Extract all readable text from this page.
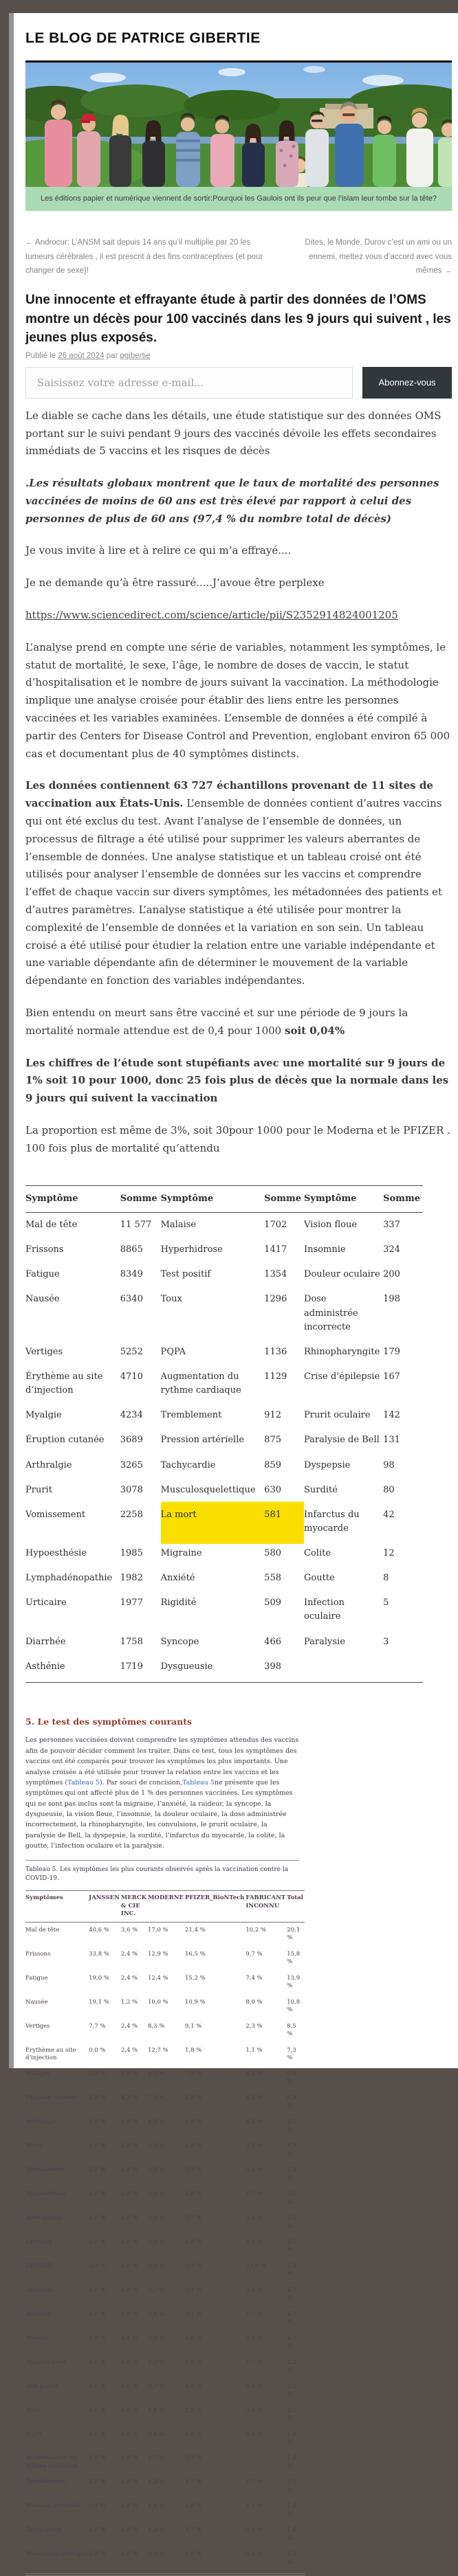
LE BLOG DE PATRICE GIBERTIE
Les éditions papier et numérique viennent de sortir:Pourquoi les Gaulois ont ils peur que l’islam leur tombe sur la tête?
← Androcur: L’ANSM sait depuis 14 ans qu’il multiplie par 20 les tumeurs cérébrales , il est prescrit à des fins contraceptives (et pour changer de sexe)!
Dites, le Monde, Durov c’est un ami ou un ennemi, mettez vous d’accord avec vous mêmes →
Une innocente et effrayante étude à partir des données de l’OMS montre un décès pour 100 vaccinés dans les 9 jours qui suivent , les jeunes plus exposés.
Publié le 26 août 2024 par pgibertie
Saisissez votre adresse e-mail...
Abonnez-vous

Le diable se cache dans les détails, une étude statistique sur des données OMS portant sur le suivi pendant 9 jours des vaccinés dévoile les effets secondaires immédiats de 5 vaccins et les risques de décès

.Les résultats globaux montrent que le taux de mortalité des personnes vaccinées de moins de 60 ans est très élevé par rapport à celui des personnes de plus de 60 ans (97,4 % du nombre total de décès)

Je vous invite à lire et à relire ce qui m’a effrayé....

Je ne demande qu’à être rassuré.....J’avoue être perplexe

https://www.sciencedirect.com/science/article/pii/S2352914824001205

L’analyse prend en compte une série de variables, notamment les symptômes, le statut de mortalité, le sexe, l’âge, le nombre de doses de vaccin, le statut d’hospitalisation et le nombre de jours suivant la vaccination. La méthodologie implique une analyse croisée pour établir des liens entre les personnes vaccinées et les variables examinées. L’ensemble de données a été compilé à partir des Centers for Disease Control and Prevention, englobant environ 65 000 cas et documentant plus de 40 symptômes distincts.

Les données contiennent 63 727 échantillons provenant de 11 sites de vaccination aux États-Unis. L’ensemble de données contient d’autres vaccins qui ont été exclus du test. Avant l’analyse de l’ensemble de données, un processus de filtrage a été utilisé pour supprimer les valeurs aberrantes de l’ensemble de données. Une analyse statistique et un tableau croisé ont été utilisés pour analyser l’ensemble de données sur les vaccins et comprendre l’effet de chaque vaccin sur divers symptômes, les métadonnées des patients et d’autres paramètres. L’analyse statistique a été utilisée pour montrer la complexité de l’ensemble de données et la variation en son sein. Un tableau croisé a été utilisé pour étudier la relation entre une variable indépendante et une variable dépendante afin de déterminer le mouvement de la variable dépendante en fonction des variables indépendantes.

Bien entendu on meurt sans être vacciné et sur une période de 9 jours la mortalité normale attendue est de 0,4 pour 1000 soit 0,04%

Les chiffres de l’étude sont stupéfiants avec une mortalité sur 9 jours de 1% soit 10 pour 1000, donc 25 fois plus de décès que la normale dans les 9 jours qui suivent la vaccination

La proportion est même de 3%, soit 30pour 1000 pour le Moderna et le PFIZER . 100 fois plus de mortalité qu’attendu

Symptôme	Somme	Symptôme	Somme	Symptôme	Somme
Mal de tête	11 577	Malaise	1702	Vision floue	337
Frissons	8865	Hyperhidrose	1417	Insomnie	324
Fatigue	8349	Test positif	1354	Douleur oculaire	200
Nausée	6340	Toux	1296	Dose administrée incorrecte	198
Vertiges	5252	PQPA	1136	Rhinopharyngite	179
Érythème au site d’injection	4710	Augmentation du rythme cardiaque	1129	Crise d’épilepsie	167
Myalgie	4234	Tremblement	912	Prurit oculaire	142
Éruption cutanée	3689	Pression artérielle	875	Paralysie de Bell	131
Arthralgie	3265	Tachycardie	859	Dyspepsie	98
Prurit	3078	Musculosquelettique	630	Surdité	80
Vomissement	2258	La mort	581	Infarctus du myocarde	42
Hypoesthésie	1985	Migraine	580	Colite	12
Lymphadénopathie	1982	Anxiété	558	Goutte	8
Urticaire	1977	Rigidité	509	Infection oculaire	5
Diarrhée	1758	Syncope	466	Paralysie	3
Asthénie	1719	Dysgueusie	398		
5. Le test des symptômes courants

Les personnes vaccinées doivent comprendre les symptômes attendus des vaccins afin de pouvoir décider comment les traiter. Dans ce test, tous les symptômes des vaccins ont été comparés pour trouver les symptômes les plus importants. Une analyse croisée a été utilisée pour trouver la relation entre les vaccins et les symptômes (Tableau 5). Par souci de concision,Tableau 5ne présente que les symptômes qui ont affecté plus de 1 % des personnes vaccinées. Les symptômes qui ne sont pas inclus sont la migraine, l’anxiété, la raideur, la syncope, la dysgueusie, la vision floue, l’insomnie, la douleur oculaire, la dose administrée incorrectement, la rhinopharyngite, les convulsions, le prurit oculaire, la paralysie de Bell, la dyspepsie, la surdité, l’infarctus du myocarde, la colite, la goutte, l’infection oculaire et la paralysie.

Tableau 5. Les symptômes les plus courants observés après la vaccination contre la COVID-19.
Symptômes	JANSSEN	MERCK & CIE INC.	MODERNE	PFIZER_BioNTech	FABRICANT INCONNU	Total
Mal de tête	40,6 %	3,6 %	17,0 %	21,4 %	10,2 %	20,1 %
Frissons	33,8 %	2,4 %	12,9 %	16,5 %	9,7 %	15,8 %
Fatigue	19,0 %	2,4 %	12,4 %	15,2 %	7,4 %	13,9 %
Nausée	19,1 %	1,2 %	10,0 %	10,9 %	8,0 %	10,8 %
Vertiges	7,7 %	2,4 %	8,3 %	9,1 %	2,3 %	8,5 %
Érythème au site d’injection	0,0 %	2,4 %	12,7 %	1,8 %	1,1 %	7,3 %
Myalgie	0,3 %	0,0 %	6,2 %	7,9 %	4,5 %	6,6 %
Éruption cutanée	4,8 %	8,3 %	7,0 %	4,9 %	4,0 %	6,0 %
Arthralgie	0,0 %	0,0 %	4,8 %	6,0 %	6,3 %	5,1 %
Prurit	0,0 %	1,2 %	5,9 %	4,0 %	2,8 %	4,8 %
Vomissement	5,1 %	2,4 %	3,8 %	3,5 %	5,1 %	3,8 %
Hypoesthésie	0,0 %	2,4 %	2,8 %	3,8 %	1,7 %	3,1 %
Adénopathie	0,0 %	0,0 %	2,8 %	3,7 %	2,3 %	3,1 %
Urticaire	0,2 %	0,0 %	3,6 %	2,9 %	1,1 %	3,1 %
DÉCÉDÉ	0,3 %	6,0 %	2,8 %	3,1 %	21,0 %	2,9 %
Diarrhée	0,0 %	0,0 %	2,7 %	3,1 %	2,3 %	2,7 %
Asthénie	0,0 %	1,2 %	2,6 %	3,1 %	1,7 %	2,7 %
Malaise	0,9 %	2,4 %	2,0 %	3,8 %	2,3 %	2,7 %
Hyperhidrose	0,0 %	1,2 %	2,2 %	2,5 %	1,7 %	2,2 %
Test positif	0,0 %	0,0 %	0,7 %	4,0 %	0,6 %	2,1 %
Toux	2,0 %	0,0 %	1,8 %	2,5 %	3,4 %	2,1 %
PQPA	0,0 %	0,0 %	3,4 %	0,0 %	0,0 %	1,8 %
Augmentation du rythme cardiaque	0,0 %	0,0 %	1,7 %	2,1 %		1,8 %
Tremblement	2,5 %	0,0 %	1,2 %	1,7 %	1,7 %	1,5 %
Pression artérielle	0,4 %	2,4 %	1,4 %	1,6 %	1,1 %	1,4 %
Tachycardie	0,6 %	0,0 %	1,2 %	1,7 %	0,0 %	1,4 %
Musculosquelettique	2,3 %	0,0 %	0,9 %	1,0 %	0,6 %	1,0 %
